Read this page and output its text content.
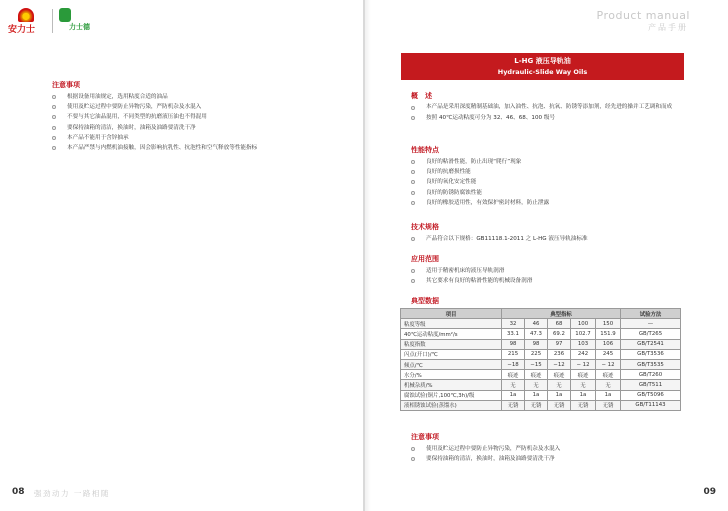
安力士	力士德
Product manual
产品手册
注意事项
根据设备用油规定，选用粘度合适的油品
使用及贮运过程中要防止异物污染，严防机杂及水混入
不要与其它油品混用，不同类型的抗磨液压油也不得混用
要保持油箱的清洁，换油时，油箱及油路要清洗干净
本产品不能用于含锌抽承
本产品严禁与内燃机油接触，因会影响抗乳性、抗泡性和空气释放等性能指标
L-HG 液压导轨油
Hydraulic-Slide Way Oils
概　述
本产品是采用深度精制基础油，加入油性、抗泡、抗氧、防锈等添加剂，经先进的操并工艺调和而成
按照 40℃运动粘度可分为 32、46、68、100 级号
性能特点
良好的粘滑性能，防止出现“爬行”现象
良好的抗磨损性能
良好的氧化安定性能
良好的防锈防腐蚀性能
良好的橡胶适用性，有效保护密封材料，防止泄露
技术规格
产品符合以下规格：GB11118.1-2011 之 L-HG 液压导轨油标准
应用范围
适用于精密机床的液压导轨润滑
其它要求有良好的粘滑性能的机械设备润滑
典型数据
项目	典型指标					试验方法
粘度等级	32	46	68	100	150	—
40℃运动粘度/mm²/s	33.1	47.3	69.2	102.7	151.9	GB/T265
粘度指数	98	98	97	103	106	GB/T2541
闪点(开口)/℃	215	225	236	242	245	GB/T3536
倾点/℃	−18	−15	−12	− 12	− 12	GB/T3535
水分/%	痕迹	痕迹	痕迹	痕迹	痕迹	GB/T260
机械杂质/%	无	无	无	无	无	GB/T511
腐蚀试验(铜片,100℃,3h)/级	1a	1a	1a	1a	1a	GB/T5096
液相锈蚀试验(蒸馏水)	无锈	无锈	无锈	无锈	无锈	GB/T11143
注意事项
使用及贮运过程中要防止异物污染，严防机杂及水混入
要保持油箱的清洁，换油时，油箱及油路要清洗干净
08 强劲动力 一路相随	09
